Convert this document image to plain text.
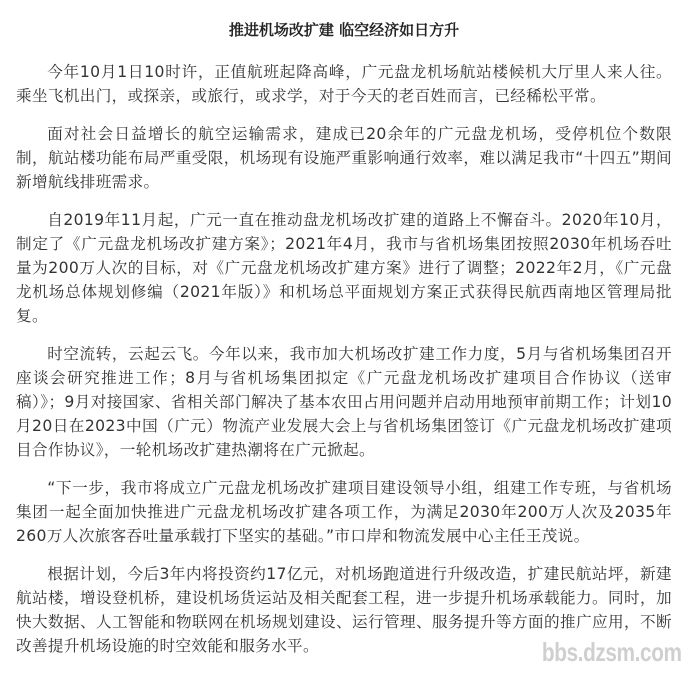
推进机场改扩建 临空经济如日方升

今年10月1日10时许，正值航班起降高峰，广元盘龙机场航站楼候机大厅里人来人往。乘坐飞机出门，或探亲，或旅行，或求学，对于今天的老百姓而言，已经稀松平常。

面对社会日益增长的航空运输需求，建成已20余年的广元盘龙机场，受停机位个数限制，航站楼功能布局严重受限，机场现有设施严重影响通行效率，难以满足我市“十四五”期间新增航线排班需求。

自2019年11月起，广元一直在推动盘龙机场改扩建的道路上不懈奋斗。2020年10月，制定了《广元盘龙机场改扩建方案》；2021年4月，我市与省机场集团按照2030年机场吞吐量为200万人次的目标，对《广元盘龙机场改扩建方案》进行了调整；2022年2月，《广元盘龙机场总体规划修编（2021年版）》和机场总平面规划方案正式获得民航西南地区管理局批复。

时空流转，云起云飞。今年以来，我市加大机场改扩建工作力度，5月与省机场集团召开座谈会研究推进工作；8月与省机场集团拟定《广元盘龙机场改扩建项目合作协议（送审稿）》；9月对接国家、省相关部门解决了基本农田占用问题并启动用地预审前期工作；计划10月20日在2023中国（广元）物流产业发展大会上与省机场集团签订《广元盘龙机场改扩建项目合作协议》，一轮机场改扩建热潮将在广元掀起。

“下一步，我市将成立广元盘龙机场改扩建项目建设领导小组，组建工作专班，与省机场集团一起全面加快推进广元盘龙机场改扩建各项工作，为满足2030年200万人次及2035年260万人次旅客吞吐量承载打下坚实的基础。”市口岸和物流发展中心主任王茂说。

根据计划，今后3年内将投资约17亿元，对机场跑道进行升级改造，扩建民航站坪，新建航站楼，增设登机桥，建设机场货运站及相关配套工程，进一步提升机场承载能力。同时，加快大数据、人工智能和物联网在机场规划建设、运行管理、服务提升等方面的推广应用，不断改善提升机场设施的时空效能和服务水平。	bbs.dzsm.com
